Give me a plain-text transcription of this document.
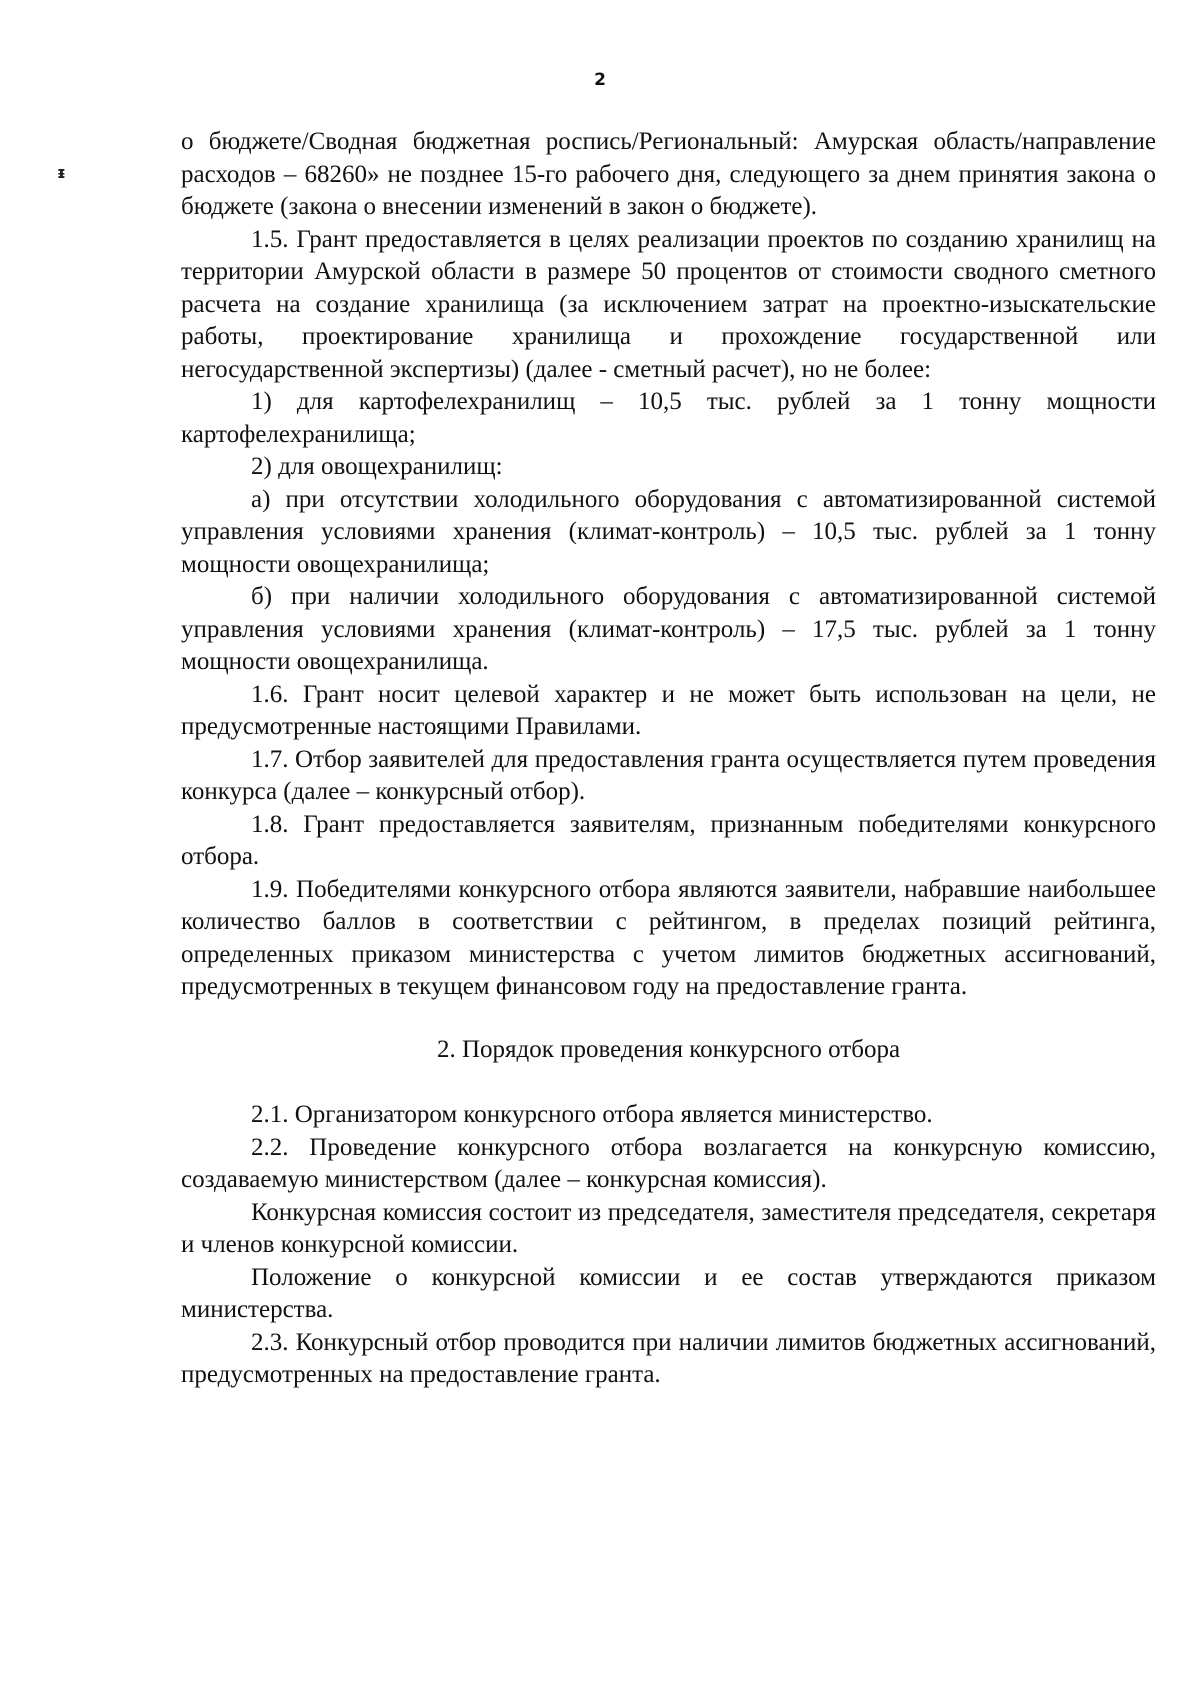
2
ᵻ

о бюджете/Сводная бюджетная роспись/Региональный: Амурская область/направление расходов – 68260» не позднее 15-го рабочего дня, следующего за днем принятия закона о бюджете (закона о внесении изменений в закон о бюджете).

1.5. Грант предоставляется в целях реализации проектов по созданию хранилищ на территории Амурской области в размере 50 процентов от стоимости сводного сметного расчета на создание хранилища (за исключением затрат на проектно-изыскательские работы, проектирование хранилища и прохождение государственной или негосударственной экспертизы) (далее - сметный расчет), но не более:

1) для картофелехранилищ – 10,5 тыс. рублей за 1 тонну мощности картофелехранилища;

2) для овощехранилищ:

а) при отсутствии холодильного оборудования с автоматизированной системой управления условиями хранения (климат-контроль) – 10,5 тыс. рублей за 1 тонну мощности овощехранилища;

б) при наличии холодильного оборудования с автоматизированной системой управления условиями хранения (климат-контроль) – 17,5 тыс. рублей за 1 тонну мощности овощехранилища.

1.6. Грант носит целевой характер и не может быть использован на цели, не предусмотренные настоящими Правилами.

1.7. Отбор заявителей для предоставления гранта осуществляется путем проведения конкурса (далее – конкурсный отбор).

1.8. Грант предоставляется заявителям, признанным победителями конкурсного отбора.

1.9. Победителями конкурсного отбора являются заявители, набравшие наибольшее количество баллов в соответствии с рейтингом, в пределах позиций рейтинга, определенных приказом министерства с учетом лимитов бюджетных ассигнований, предусмотренных в текущем финансовом году на предоставление гранта.

2. Порядок проведения конкурсного отбора

2.1. Организатором конкурсного отбора является министерство.

2.2. Проведение конкурсного отбора возлагается на конкурсную комиссию, создаваемую министерством (далее – конкурсная комиссия).

Конкурсная комиссия состоит из председателя, заместителя председателя, секретаря и членов конкурсной комиссии.

Положение о конкурсной комиссии и ее состав утверждаются приказом министерства.

2.3. Конкурсный отбор проводится при наличии лимитов бюджетных ассигнований, предусмотренных на предоставление гранта.
